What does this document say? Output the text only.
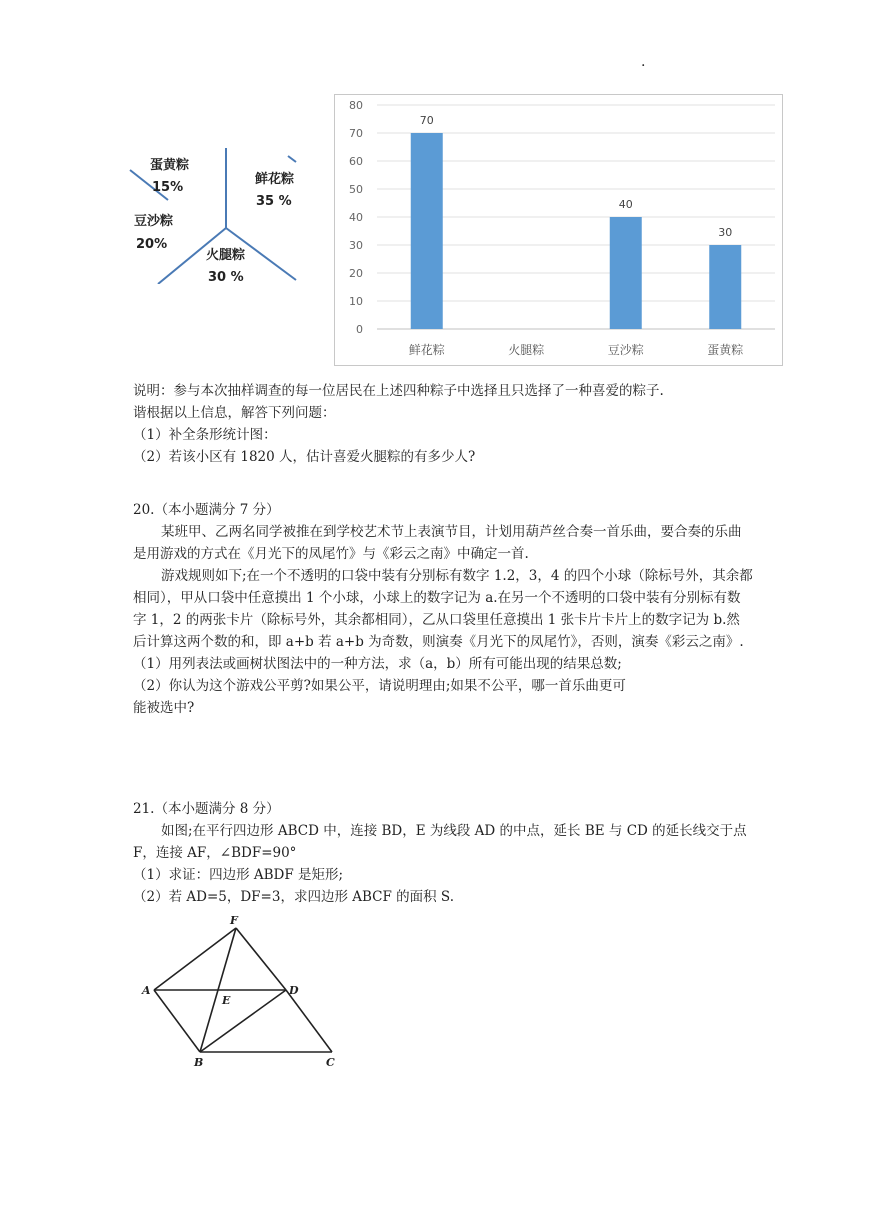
.
蛋黄粽
15%
鲜花粽
35 %
豆沙粽
20%
火腿粽
30 %
0
10
20
30
40
50
60
70
80
70
鲜花粽	火腿粽
40
豆沙粽
30
蛋黄粽

说明：参与本次抽样调查的每一位居民在上述四种粽子中选择且只选择了一种喜爱的粽子.

谐根据以上信息，解答下列问题：

（1）补全条形统计图：

（2）若该小区有 1820 人，估计喜爱火腿粽的有多少人?

20.（本小题满分 7 分）

某班甲、乙两名同学被推在到学校艺术节上表演节目，计划用葫芦丝合奏一首乐曲，要合奏的乐曲是用游戏的方式在《月光下的凤尾竹》与《彩云之南》中确定一首.

游戏规则如下;在一个不透明的口袋中装有分别标有数字 1.2，3，4 的四个小球（除标号外，其余都相同），甲从口袋中任意摸出 1 个小球，小球上的数字记为 a.在另一个不透明的口袋中装有分别标有数字 1，2 的两张卡片（除标号外，其余都相同），乙从口袋里任意摸出 1 张卡片卡片上的数字记为 b.然后计算这两个数的和，即 a+b 若 a+b 为奇数，则演奏《月光下的凤尾竹》，否则，演奏《彩云之南》.

（1）用列表法或画树状图法中的一种方法，求（a，b）所有可能出现的结果总数;

（2）你认为这个游戏公平剪?如果公平，请说明理由;如果不公平，哪一首乐曲更可

能被选中?

21.（本小题满分 8 分）

如图;在平行四边形 ABCD 中，连接 BD，E 为线段 AD 的中点，延长 BE 与 CD 的延长线交于点 F，连接 AF，∠BDF=90°

（1）求证：四边形 ABDF 是矩形;

（2）若 AD=5，DF=3，求四边形 ABCF 的面积 S.

F
A
E
D
B	C
